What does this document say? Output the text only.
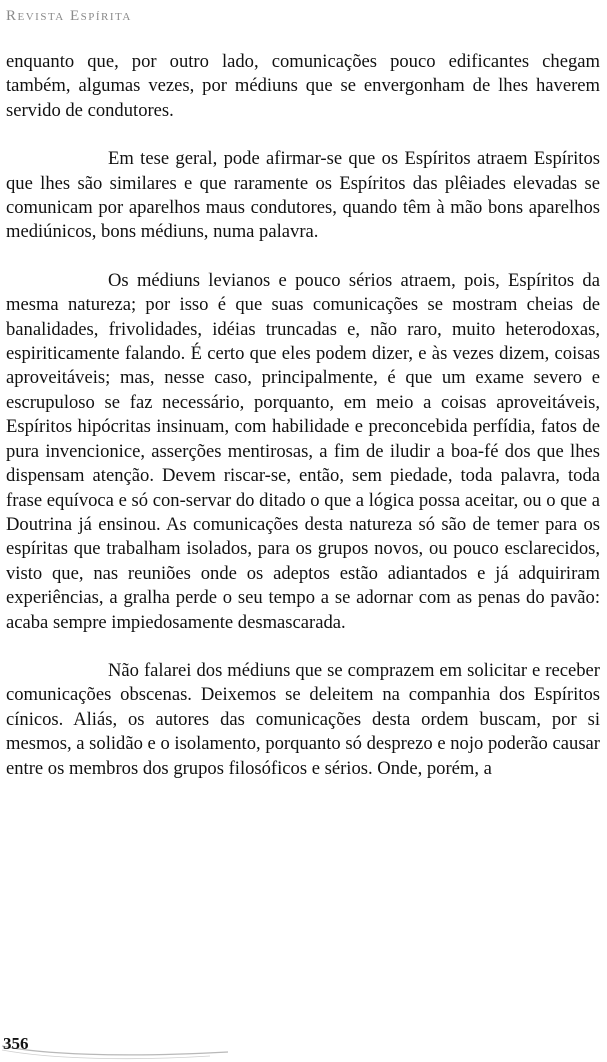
Revista Espírita

enquanto que, por outro lado, comunicações pouco edificantes chegam também, algumas vezes, por médiuns que se envergonham de lhes haverem servido de condutores.

Em tese geral, pode afirmar-se que os Espíritos atraem Espíritos que lhes são similares e que raramente os Espíritos das plêiades elevadas se comunicam por aparelhos maus condutores, quando têm à mão bons aparelhos mediúnicos, bons médiuns, numa palavra.

Os médiuns levianos e pouco sérios atraem, pois, Espíritos da mesma natureza; por isso é que suas comunicações se mostram cheias de banalidades, frivolidades, idéias truncadas e, não raro, muito heterodoxas, espiriticamente falando. É certo que eles podem dizer, e às vezes dizem, coisas aproveitáveis; mas, nesse caso, principalmente, é que um exame severo e escrupuloso se faz necessário, porquanto, em meio a coisas aproveitáveis, Espíritos hipócritas insinuam, com habilidade e preconcebida perfídia, fatos de pura invencionice, asserções mentirosas, a fim de iludir a boa-fé dos que lhes dispensam atenção. Devem riscar-se, então, sem piedade, toda palavra, toda frase equívoca e só con-servar do ditado o que a lógica possa aceitar, ou o que a Doutrina já ensinou. As comunicações desta natureza só são de temer para os espíritas que trabalham isolados, para os grupos novos, ou pouco esclarecidos, visto que, nas reuniões onde os adeptos estão adiantados e já adquiriram experiências, a gralha perde o seu tempo a se adornar com as penas do pavão: acaba sempre impiedosamente desmascarada.

Não falarei dos médiuns que se comprazem em solicitar e receber comunicações obscenas. Deixemos se deleitem na companhia dos Espíritos cínicos. Aliás, os autores das comunicações desta ordem buscam, por si mesmos, a solidão e o isolamento, porquanto só desprezo e nojo poderão causar entre os membros dos grupos filosóficos e sérios. Onde, porém, a

356
